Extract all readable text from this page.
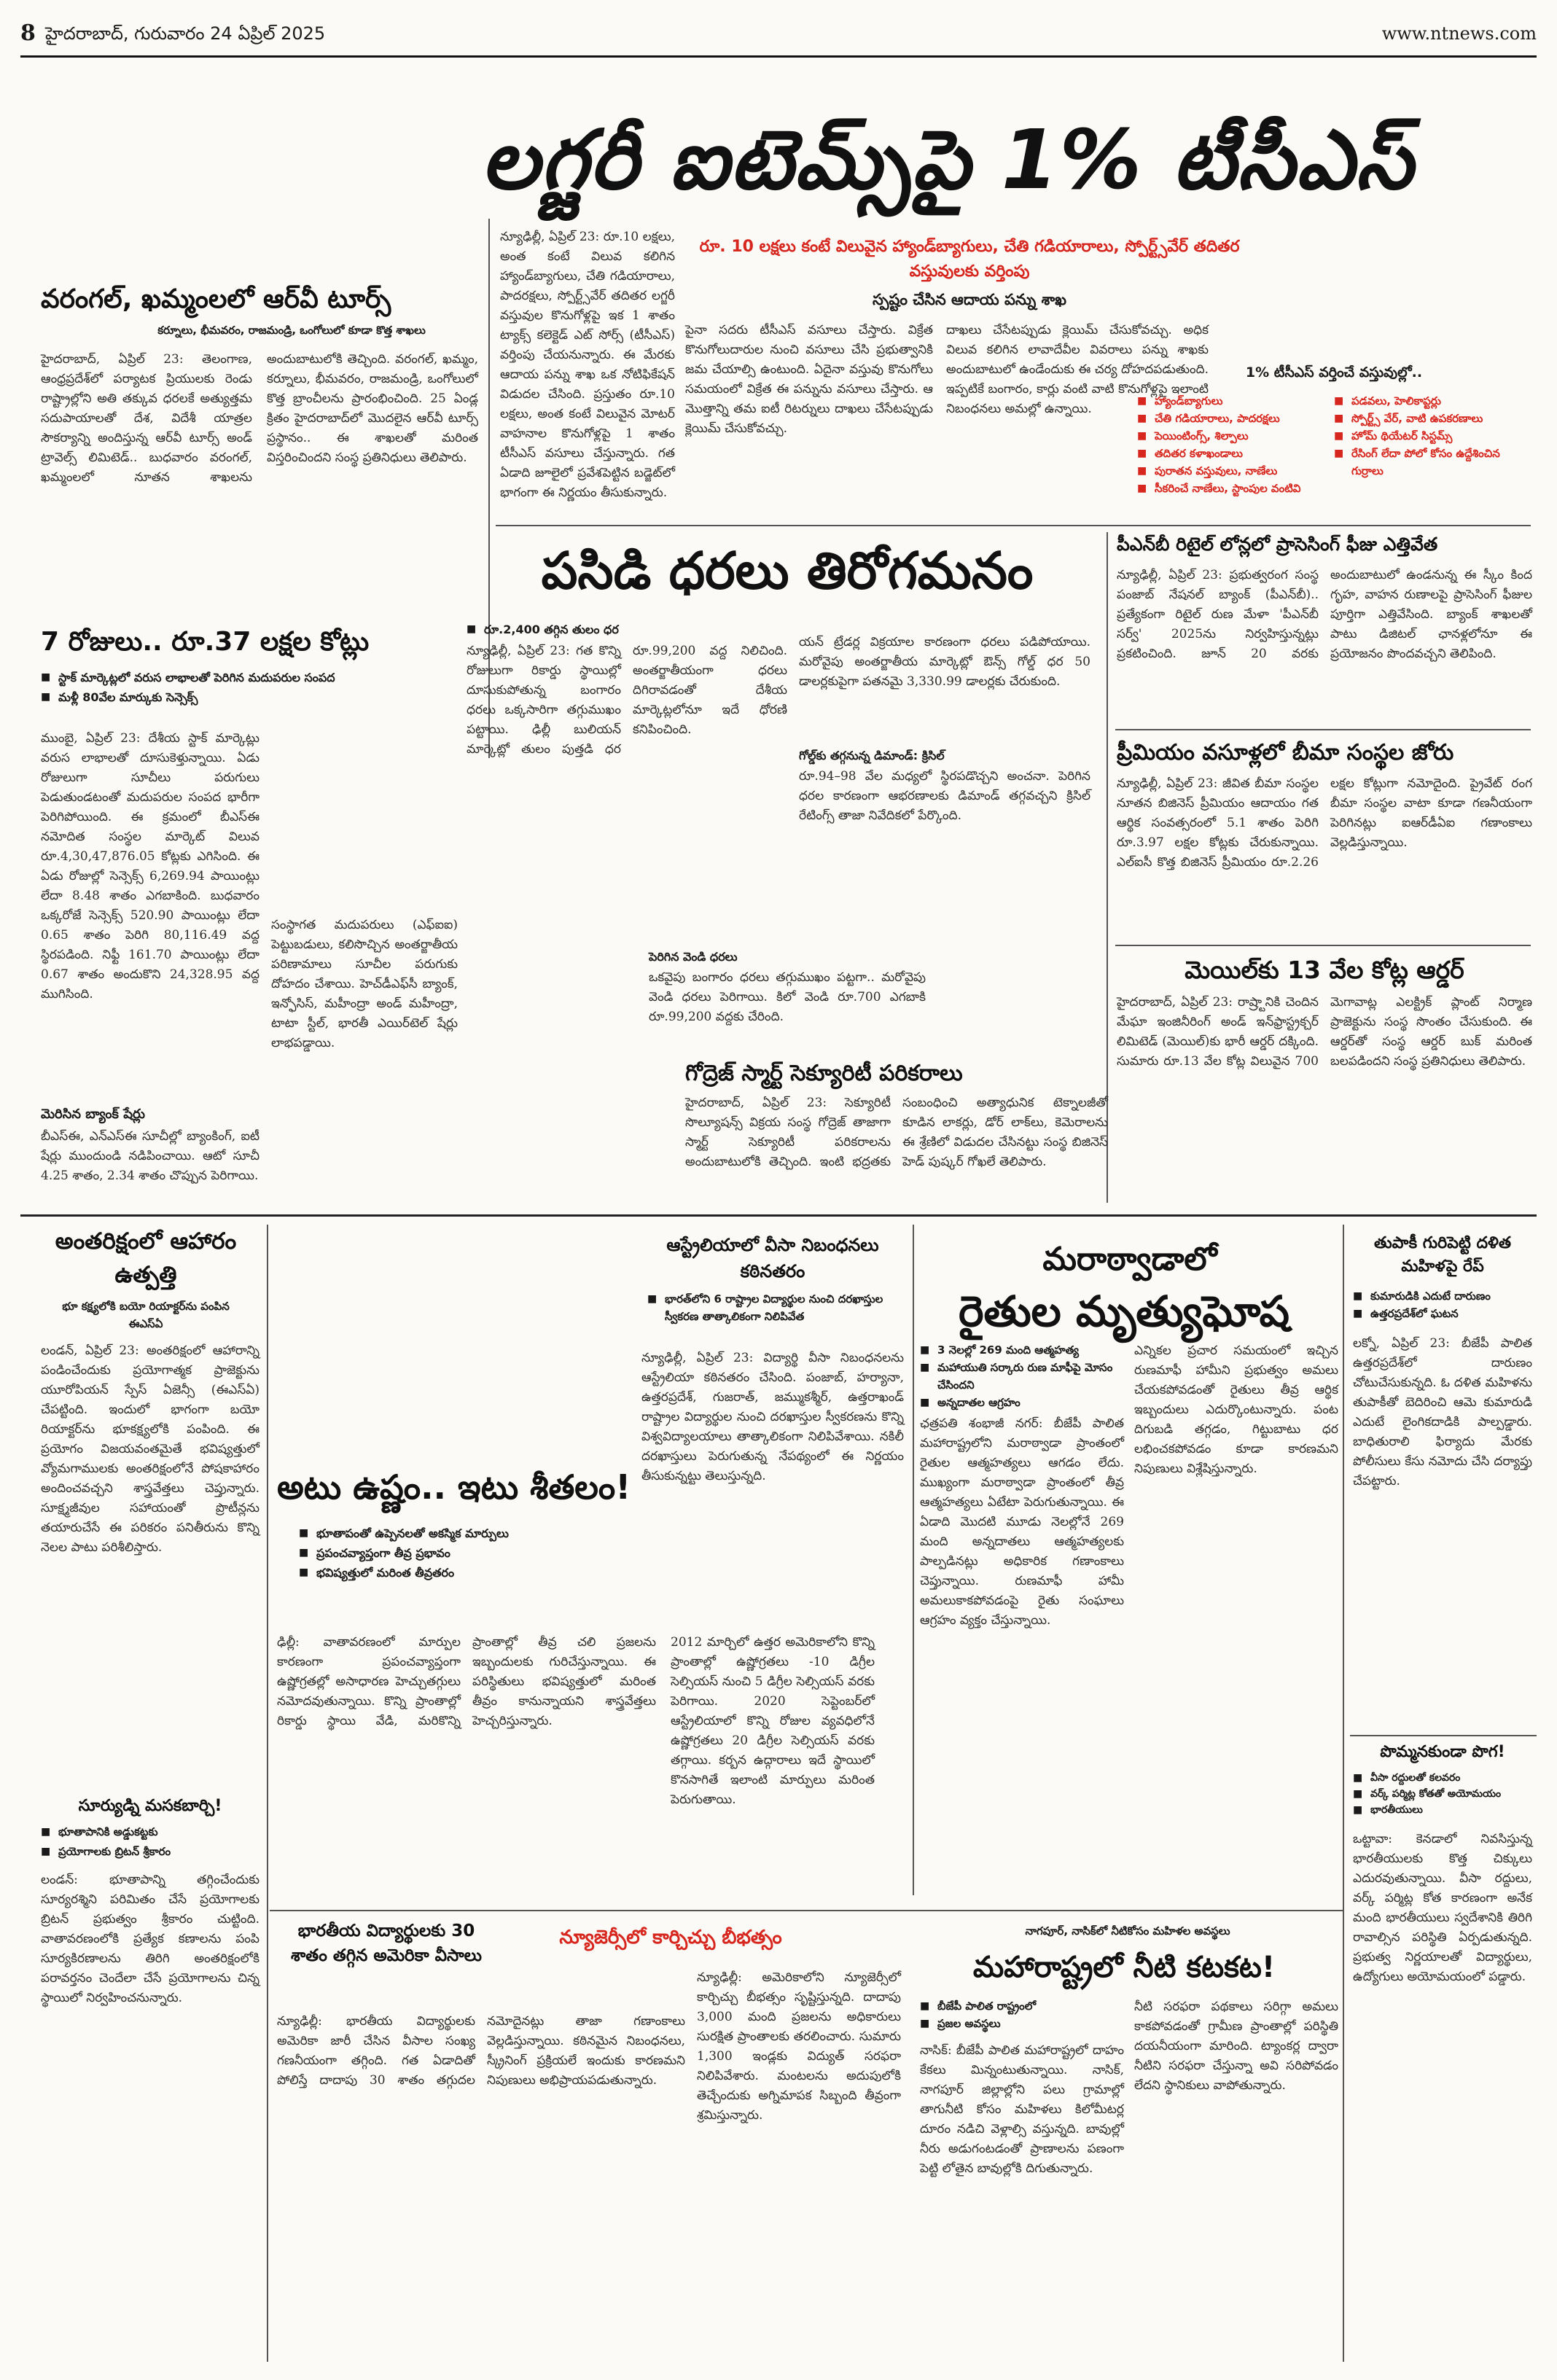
8 హైదరాబాద్‌, గురువారం 24 ఏప్రిల్‌ 2025	www.ntnews.com
లగ్జరీ ఐటెమ్స్‌పై 1% టీసీఎస్‌
వరంగల్‌, ఖమ్మంలలో ఆర్‌వీ టూర్స్‌
కర్నూలు, భీమవరం, రాజమండ్రి, ఒంగోలులో కూడా కొత్త శాఖలు
హైదరాబాద్‌, ఏప్రిల్‌ 23: తెలంగాణ, ఆంధ్రప్రదేశ్‌లో పర్యాటక ప్రియులకు రెండు రాష్ట్రాల్లోని అతి తక్కువ ధరలకే అత్యుత్తమ సదుపాయాలతో దేశ, విదేశీ యాత్రల సౌకర్యాన్ని అందిస్తున్న ఆర్‌వీ టూర్స్‌ అండ్‌ ట్రావెల్స్‌ లిమిటెడ్‌.. బుధవారం వరంగల్‌, ఖమ్మంలలో నూతన శాఖలను అందుబాటులోకి తెచ్చింది. వరంగల్‌, ఖమ్మం, కర్నూలు, భీమవరం, రాజమండ్రి, ఒంగోలులో కొత్త బ్రాంచీలను ప్రారంభించింది. 25 ఏండ్ల క్రితం హైదరాబాద్‌లో మొదలైన ఆర్‌వీ టూర్స్‌ ప్రస్థానం.. ఈ శాఖలతో మరింత విస్తరించిందని సంస్థ ప్రతినిధులు తెలిపారు.
న్యూఢిల్లీ, ఏప్రిల్‌ 23: రూ.10 లక్షలు, అంత కంటే విలువ కలిగిన హ్యాండ్‌బ్యాగులు, చేతి గడియారాలు, పాదరక్షలు, స్పోర్ట్స్‌వేర్‌ తదితర లగ్జరీ వస్తువుల కొనుగోళ్లపై ఇక 1 శాతం ట్యాక్స్‌ కలెక్టెడ్‌ ఎట్‌ సోర్స్‌ (టీసీఎస్‌) వర్తింపు చేయనున్నారు. ఈ మేరకు ఆదాయ పన్ను శాఖ ఒక నోటిఫికేషన్‌ విడుదల చేసింది. ప్రస్తుతం రూ.10 లక్షలు, అంత కంటే విలువైన మోటర్‌ వాహనాల కొనుగోళ్లపై 1 శాతం టీసీఎస్‌ వసూలు చేస్తున్నారు. గత ఏడాది జూలైలో ప్రవేశపెట్టిన బడ్జెట్‌లో భాగంగా ఈ నిర్ణయం తీసుకున్నారు.
రూ. 10 లక్షలు కంటే విలువైన హ్యాండ్‌బ్యాగులు, చేతి గడియారాలు, స్పోర్ట్స్‌వేర్‌ తదితర వస్తువులకు వర్తింపు
స్పష్టం చేసిన ఆదాయ పన్ను శాఖ
పైనా సదరు టీసీఎస్‌ వసూలు చేస్తారు. విక్రేత కొనుగోలుదారుల నుంచి వసూలు చేసి ప్రభుత్వానికి జమ చేయాల్సి ఉంటుంది. ఏదైనా వస్తువు కొనుగోలు సమయంలో విక్రేత ఈ పన్నును వసూలు చేస్తారు. ఆ మొత్తాన్ని తమ ఐటీ రిటర్నులు దాఖలు చేసేటప్పుడు క్లెయిమ్‌ చేసుకోవచ్చు.
దాఖలు చేసేటప్పుడు క్లెయిమ్‌ చేసుకోవచ్చు. అధిక విలువ కలిగిన లావాదేవీల వివరాలు పన్ను శాఖకు అందుబాటులో ఉండేందుకు ఈ చర్య దోహదపడుతుంది. ఇప్పటికే బంగారం, కార్లు వంటి వాటి కొనుగోళ్లపై ఇలాంటి నిబంధనలు అమల్లో ఉన్నాయి.
1% టీసీఎస్‌ వర్తించే వస్తువుల్లో..
■ హ్యాండ్‌బ్యాగులు
■ చేతి గడియారాలు, పాదరక్షలు
■ పెయింటింగ్స్‌, శిల్పాలు
■ తదితర కళాఖండాలు
■ పురాతన వస్తువులు, నాణేలు
■ సీకరించే నాణేలు, స్టాంపుల వంటివి
■ పడవలు, హెలికాప్టర్లు
■ స్పోర్ట్స్‌ వేర్‌, వాటి ఉపకరణాలు
■ హోమ్‌ థియేటర్‌ సిస్టమ్స్‌
■ రేసింగ్‌ లేదా పోలో కోసం ఉద్దేశించిన గుర్రాలు
7 రోజులు.. రూ.37 లక్షల కోట్లు
■ స్టాక్‌ మార్కెట్లలో వరుస లాభాలతో పెరిగిన మదుపరుల సంపద
■ మళ్లీ 80వేల మార్కుకు సెన్సెక్స్‌
ముంబై, ఏప్రిల్‌ 23: దేశీయ స్టాక్‌ మార్కెట్లు వరుస లాభాలతో దూసుకెళ్తున్నాయి. ఏడు రోజులుగా సూచీలు పరుగులు పెడుతుండటంతో మదుపరుల సంపద భారీగా పెరిగిపోయింది. ఈ క్రమంలో బీఎస్‌ఈ నమోదిత సంస్థల మార్కెట్‌ విలువ రూ.4,30,47,876.05 కోట్లకు ఎగిసింది. ఈ ఏడు రోజుల్లో సెన్సెక్స్‌ 6,269.94 పాయింట్లు లేదా 8.48 శాతం ఎగబాకింది. బుధవారం ఒక్కరోజే సెన్సెక్స్‌ 520.90 పాయింట్లు లేదా 0.65 శాతం పెరిగి 80,116.49 వద్ద స్థిరపడింది. నిఫ్టీ 161.70 పాయింట్లు లేదా 0.67 శాతం అందుకొని 24,328.95 వద్ద ముగిసింది.
మెరిసిన బ్యాంక్‌ షేర్లు
బీఎస్‌ఈ, ఎన్‌ఎస్‌ఈ సూచీల్లో బ్యాంకింగ్‌, ఐటీ షేర్లు ముందుండి నడిపించాయి. ఆటో సూచీ 4.25 శాతం, 2.34 శాతం చొప్పున పెరిగాయి.
పసిడి ధరలు తిరోగమనం
■ రూ.2,400 తగ్గిన తులం ధర
న్యూఢిల్లీ, ఏప్రిల్‌ 23: గత కొన్ని రోజులుగా రికార్డు స్థాయిల్లో దూసుకుపోతున్న బంగారం ధరలు ఒక్కసారిగా తగ్గుముఖం పట్టాయి. ఢిల్లీ బులియన్‌ మార్కెట్లో తులం పుత్తడి ధర రూ.99,200 వద్ద నిలిచింది. అంతర్జాతీయంగా ధరలు దిగిరావడంతో దేశీయ మార్కెట్లలోనూ ఇదే ధోరణి కనిపించింది.
యన్‌ ట్రేడర్ల విక్రయాల కారణంగా ధరలు పడిపోయాయి. మరోవైపు అంతర్జాతీయ మార్కెట్లో ఔన్స్‌ గోల్డ్‌ ధర 50 డాలర్లకుపైగా పతనమై 3,330.99 డాలర్లకు చేరుకుంది.
గోల్డ్‌కు తగ్గనున్న డిమాండ్‌: క్రిసిల్‌
రూ.94–98 వేల మధ్యలో స్థిరపడొచ్చని అంచనా. పెరిగిన ధరల కారణంగా ఆభరణాలకు డిమాండ్‌ తగ్గవచ్చని క్రిసిల్‌ రేటింగ్స్‌ తాజా నివేదికలో పేర్కొంది.
సంస్థాగత మదుపరులు (ఎఫ్‌ఐఐ) పెట్టుబడులు, కలిసొచ్చిన అంతర్జాతీయ పరిణామాలు సూచీల పరుగుకు దోహదం చేశాయి. హెచ్‌డీఎఫ్‌సీ బ్యాంక్‌, ఇన్ఫోసిస్‌, మహీంద్రా అండ్‌ మహీంద్రా, టాటా స్టీల్‌, భారతీ ఎయిర్‌టెల్‌ షేర్లు లాభపడ్డాయి.
పెరిగిన వెండి ధరలు
ఒకవైపు బంగారం ధరలు తగ్గుముఖం పట్టగా.. మరోవైపు వెండి ధరలు పెరిగాయి. కిలో వెండి రూ.700 ఎగబాకి రూ.99,200 వద్దకు చేరింది.
పీఎన్‌బీ రిటైల్‌ లోన్లలో ప్రాసెసింగ్‌ ఫీజు ఎత్తివేత
న్యూఢిల్లీ, ఏప్రిల్‌ 23: ప్రభుత్వరంగ సంస్థ పంజాబ్‌ నేషనల్‌ బ్యాంక్‌ (పీఎన్‌బీ).. ప్రత్యేకంగా రిటైల్‌ రుణ మేళా 'పీఎన్‌బీ సర్వ్‌' 2025ను నిర్వహిస్తున్నట్లు ప్రకటించింది. జూన్‌ 20 వరకు అందుబాటులో ఉండనున్న ఈ స్కీం కింద గృహ, వాహన రుణాలపై ప్రాసెసింగ్‌ ఫీజుల పూర్తిగా ఎత్తివేసింది. బ్యాంక్‌ శాఖలతో పాటు డిజిటల్‌ ఛానళ్లలోనూ ఈ ప్రయోజనం పొందవచ్చని తెలిపింది.
ప్రీమియం వసూళ్లలో బీమా సంస్థల జోరు
న్యూఢిల్లీ, ఏప్రిల్‌ 23: జీవిత బీమా సంస్థల నూతన బిజినెస్‌ ప్రీమియం ఆదాయం గత ఆర్థిక సంవత్సరంలో 5.1 శాతం పెరిగి రూ.3.97 లక్షల కోట్లకు చేరుకున్నాయి. ఎల్‌ఐసీ కొత్త బిజినెస్‌ ప్రీమియం రూ.2.26 లక్షల కోట్లుగా నమోదైంది. ప్రైవేట్‌ రంగ బీమా సంస్థల వాటా కూడా గణనీయంగా పెరిగినట్లు ఐఆర్‌డీఏఐ గణాంకాలు వెల్లడిస్తున్నాయి.
మెయిల్‌కు 13 వేల కోట్ల ఆర్డర్‌
హైదరాబాద్‌, ఏప్రిల్‌ 23: రాష్ర్టానికి చెందిన మేఘా ఇంజినీరింగ్‌ అండ్‌ ఇన్‌ఫ్రాస్ట్రక్చర్‌ లిమిటెడ్‌ (మెయిల్‌)కు భారీ ఆర్డర్‌ దక్కింది. సుమారు రూ.13 వేల కోట్ల విలువైన 700 మెగావాట్ల ఎలక్ట్రిక్‌ ప్లాంట్‌ నిర్మాణ ప్రాజెక్టును సంస్థ సొంతం చేసుకుంది. ఈ ఆర్డర్‌తో సంస్థ ఆర్డర్‌ బుక్‌ మరింత బలపడిందని సంస్థ ప్రతినిధులు తెలిపారు.
గోద్రెజ్‌ స్మార్ట్‌ సెక్యూరిటీ పరికరాలు
హైదరాబాద్‌, ఏప్రిల్‌ 23: సెక్యూరిటీ సొల్యూషన్స్‌ విక్రయ సంస్థ గోద్రెజ్‌ తాజాగా స్మార్ట్‌ సెక్యూరిటీ పరికరాలను అందుబాటులోకి తెచ్చింది. ఇంటి భద్రతకు సంబంధించి అత్యాధునిక టెక్నాలజీతో కూడిన లాకర్లు, డోర్‌ లాక్‌లు, కెమెరాలను ఈ శ్రేణిలో విడుదల చేసినట్టు సంస్థ బిజినెస్‌ హెడ్‌ పుష్కర్‌ గోఖలే తెలిపారు.
అంతరిక్షంలో ఆహారం ఉత్పత్తి
భూ కక్ష్యలోకి బయో రియాక్టర్‌ను పంపిన ఈఎస్‌ఏ
లండన్‌, ఏప్రిల్‌ 23: అంతరిక్షంలో ఆహారాన్ని పండించేందుకు ప్రయోగాత్మక ప్రాజెక్టును యూరోపియన్‌ స్పేస్‌ ఏజెన్సీ (ఈఎస్‌ఏ) చేపట్టింది. ఇందులో భాగంగా బయో రియాక్టర్‌ను భూకక్ష్యలోకి పంపింది. ఈ ప్రయోగం విజయవంతమైతే భవిష్యత్తులో వ్యోమగాములకు అంతరిక్షంలోనే పోషకాహారం అందించవచ్చని శాస్త్రవేత్తలు చెప్తున్నారు. సూక్ష్మజీవుల సహాయంతో ప్రొటీన్లను తయారుచేసే ఈ పరికరం పనితీరును కొన్ని నెలల పాటు పరిశీలిస్తారు.
సూర్యుడ్ని మసకబార్చి!
■ భూతాపానికి అడ్డుకట్టకు
■ ప్రయోగాలకు బ్రిటన్‌ శ్రీకారం
లండన్‌: భూతాపాన్ని తగ్గించేందుకు సూర్యరశ్మిని పరిమితం చేసే ప్రయోగాలకు బ్రిటన్‌ ప్రభుత్వం శ్రీకారం చుట్టింది. వాతావరణంలోకి ప్రత్యేక కణాలను పంపి సూర్యకిరణాలను తిరిగి అంతరిక్షంలోకి పరావర్తనం చెందేలా చేసే ప్రయోగాలను చిన్న స్థాయిలో నిర్వహించనున్నారు.
అటు ఉష్ణం.. ఇటు శీతలం!
■ భూతాపంతో ఉప్పెనలతో అకస్మిక మార్పులు
■ ప్రపంచవ్యాప్తంగా తీవ్ర ప్రభావం
■ భవిష్యత్తులో మరింత తీవ్రతరం
ఢిల్లీ: వాతావరణంలో మార్పుల కారణంగా ప్రపంచవ్యాప్తంగా ఉష్ణోగ్రతల్లో అసాధారణ హెచ్చుతగ్గులు నమోదవుతున్నాయి. కొన్ని ప్రాంతాల్లో రికార్డు స్థాయి వేడి, మరికొన్ని ప్రాంతాల్లో తీవ్ర చలి ప్రజలను ఇబ్బందులకు గురిచేస్తున్నాయి. ఈ పరిస్థితులు భవిష్యత్తులో మరింత తీవ్రం కానున్నాయని శాస్త్రవేత్తలు హెచ్చరిస్తున్నారు.
2012 మార్చిలో ఉత్తర అమెరికాలోని కొన్ని ప్రాంతాల్లో ఉష్ణోగ్రతలు -10 డిగ్రీల సెల్సియస్‌ నుంచి 5 డిగ్రీల సెల్సియస్‌ వరకు పెరిగాయి. 2020 సెప్టెంబర్‌లో ఆస్ట్రేలియాలో కొన్ని రోజుల వ్యవధిలోనే ఉష్ణోగ్రతలు 20 డిగ్రీల సెల్సియస్‌ వరకు తగ్గాయి. కర్బన ఉద్గారాలు ఇదే స్థాయిలో కొనసాగితే ఇలాంటి మార్పులు మరింత పెరుగుతాయి.
ఆస్ట్రేలియాలో వీసా నిబంధనలు కఠినతరం
■ భారత్‌లోని 6 రాష్ట్రాల విద్యార్థుల నుంచి దరఖాస్తుల స్వీకరణ తాత్కాలికంగా నిలిపివేత
న్యూఢిల్లీ, ఏప్రిల్‌ 23: విద్యార్థి వీసా నిబంధనలను ఆస్ట్రేలియా కఠినతరం చేసింది. పంజాబ్‌, హర్యానా, ఉత్తరప్రదేశ్‌, గుజరాత్‌, జమ్ముకశ్మీర్‌, ఉత్తరాఖండ్‌ రాష్ట్రాల విద్యార్థుల నుంచి దరఖాస్తుల స్వీకరణను కొన్ని విశ్వవిద్యాలయాలు తాత్కాలికంగా నిలిపివేశాయి. నకిలీ దరఖాస్తులు పెరుగుతున్న నేపథ్యంలో ఈ నిర్ణయం తీసుకున్నట్టు తెలుస్తున్నది.
మరాఠ్వాడాలో
రైతుల మృత్యుఘోష
■ 3 నెలల్లో 269 మంది ఆత్మహత్య
■ మహాయుతి సర్కారు రుణ మాఫీపై మోసం చేసిందని
■ అన్నదాతల ఆగ్రహం
ఛత్రపతి శంభాజీ నగర్‌: బీజేపీ పాలిత మహారాష్ట్రలోని మరాఠ్వాడా ప్రాంతంలో రైతుల ఆత్మహత్యలు ఆగడం లేదు. ముఖ్యంగా మరాఠ్వాడా ప్రాంతంలో తీవ్ర ఆత్మహత్యలు ఏటేటా పెరుగుతున్నాయి. ఈ ఏడాది మొదటి మూడు నెలల్లోనే 269 మంది అన్నదాతలు ఆత్మహత్యలకు పాల్పడినట్లు అధికారిక గణాంకాలు చెప్తున్నాయి. రుణమాఫీ హామీ అమలుకాకపోవడంపై రైతు సంఘాలు ఆగ్రహం వ్యక్తం చేస్తున్నాయి.
ఎన్నికల ప్రచార సమయంలో ఇచ్చిన రుణమాఫీ హామీని ప్రభుత్వం అమలు చేయకపోవడంతో రైతులు తీవ్ర ఆర్థిక ఇబ్బందులు ఎదుర్కొంటున్నారు. పంట దిగుబడి తగ్గడం, గిట్టుబాటు ధర లభించకపోవడం కూడా కారణమని నిపుణులు విశ్లేషిస్తున్నారు.
తుపాకీ గురిపెట్టి దళిత మహిళపై రేప్‌
■ కుమారుడికి ఎదుటే దారుణం
■ ఉత్తరప్రదేశ్‌లో ఘటన
లక్నో, ఏప్రిల్‌ 23: బీజేపీ పాలిత ఉత్తరప్రదేశ్‌లో దారుణం చోటుచేసుకున్నది. ఓ దళిత మహిళను తుపాకీతో బెదిరించి ఆమె కుమారుడి ఎదుటే లైంగికదాడికి పాల్పడ్డారు. బాధితురాలి ఫిర్యాదు మేరకు పోలీసులు కేసు నమోదు చేసి దర్యాప్తు చేపట్టారు.
పొమ్మనకుండా పొగ!
■ వీసా రద్దులతో కలవరం
■ వర్క్‌ పర్మిట్ల కోతతో అయోమయం
■ భారతీయులు
ఒట్టావా: కెనడాలో నివసిస్తున్న భారతీయులకు కొత్త చిక్కులు ఎదురవుతున్నాయి. వీసా రద్దులు, వర్క్‌ పర్మిట్ల కోత కారణంగా అనేక మంది భారతీయులు స్వదేశానికి తిరిగి రావాల్సిన పరిస్థితి ఏర్పడుతున్నది. ప్రభుత్వ నిర్ణయాలతో విద్యార్థులు, ఉద్యోగులు అయోమయంలో పడ్డారు.
భారతీయ విద్యార్థులకు 30 శాతం తగ్గిన అమెరికా వీసాలు
న్యూఢిల్లీ: భారతీయ విద్యార్థులకు అమెరికా జారీ చేసిన వీసాల సంఖ్య గణనీయంగా తగ్గింది. గత ఏడాదితో పోలిస్తే దాదాపు 30 శాతం తగ్గుదల నమోదైనట్లు తాజా గణాంకాలు వెల్లడిస్తున్నాయి. కఠినమైన నిబంధనలు, స్క్రీనింగ్‌ ప్రక్రియలే ఇందుకు కారణమని నిపుణులు అభిప్రాయపడుతున్నారు.
న్యూజెర్సీలో కార్చిచ్చు బీభత్సం
న్యూఢిల్లీ: అమెరికాలోని న్యూజెర్సీలో కార్చిచ్చు బీభత్సం సృష్టిస్తున్నది. దాదాపు 3,000 మంది ప్రజలను అధికారులు సురక్షిత ప్రాంతాలకు తరలించారు. సుమారు 1,300 ఇండ్లకు విద్యుత్‌ సరఫరా నిలిపివేశారు. మంటలను అదుపులోకి తెచ్చేందుకు అగ్నిమాపక సిబ్బంది తీవ్రంగా శ్రమిస్తున్నారు.
నాగపూర్‌, నాసిక్‌లో నీటికోసం మహిళల అవస్థలు
మహారాష్ట్రలో నీటి కటకట!
■ బీజేపీ పాలిత రాష్ట్రంలో
■ ప్రజల అవస్థలు
నాసిక్‌: బీజేపీ పాలిత మహారాష్ట్రలో దాహం కేకలు మిన్నంటుతున్నాయి. నాసిక్‌, నాగపూర్‌ జిల్లాల్లోని పలు గ్రామాల్లో తాగునీటి కోసం మహిళలు కిలోమీటర్ల దూరం నడిచి వెళ్లాల్సి వస్తున్నది. బావుల్లో నీరు అడుగంటడంతో ప్రాణాలను పణంగా పెట్టి లోతైన బావుల్లోకి దిగుతున్నారు.
నీటి సరఫరా పథకాలు సరిగ్గా అమలు కాకపోవడంతో గ్రామీణ ప్రాంతాల్లో పరిస్థితి దయనీయంగా మారింది. ట్యాంకర్ల ద్వారా నీటిని సరఫరా చేస్తున్నా అవి సరిపోవడం లేదని స్థానికులు వాపోతున్నారు.
